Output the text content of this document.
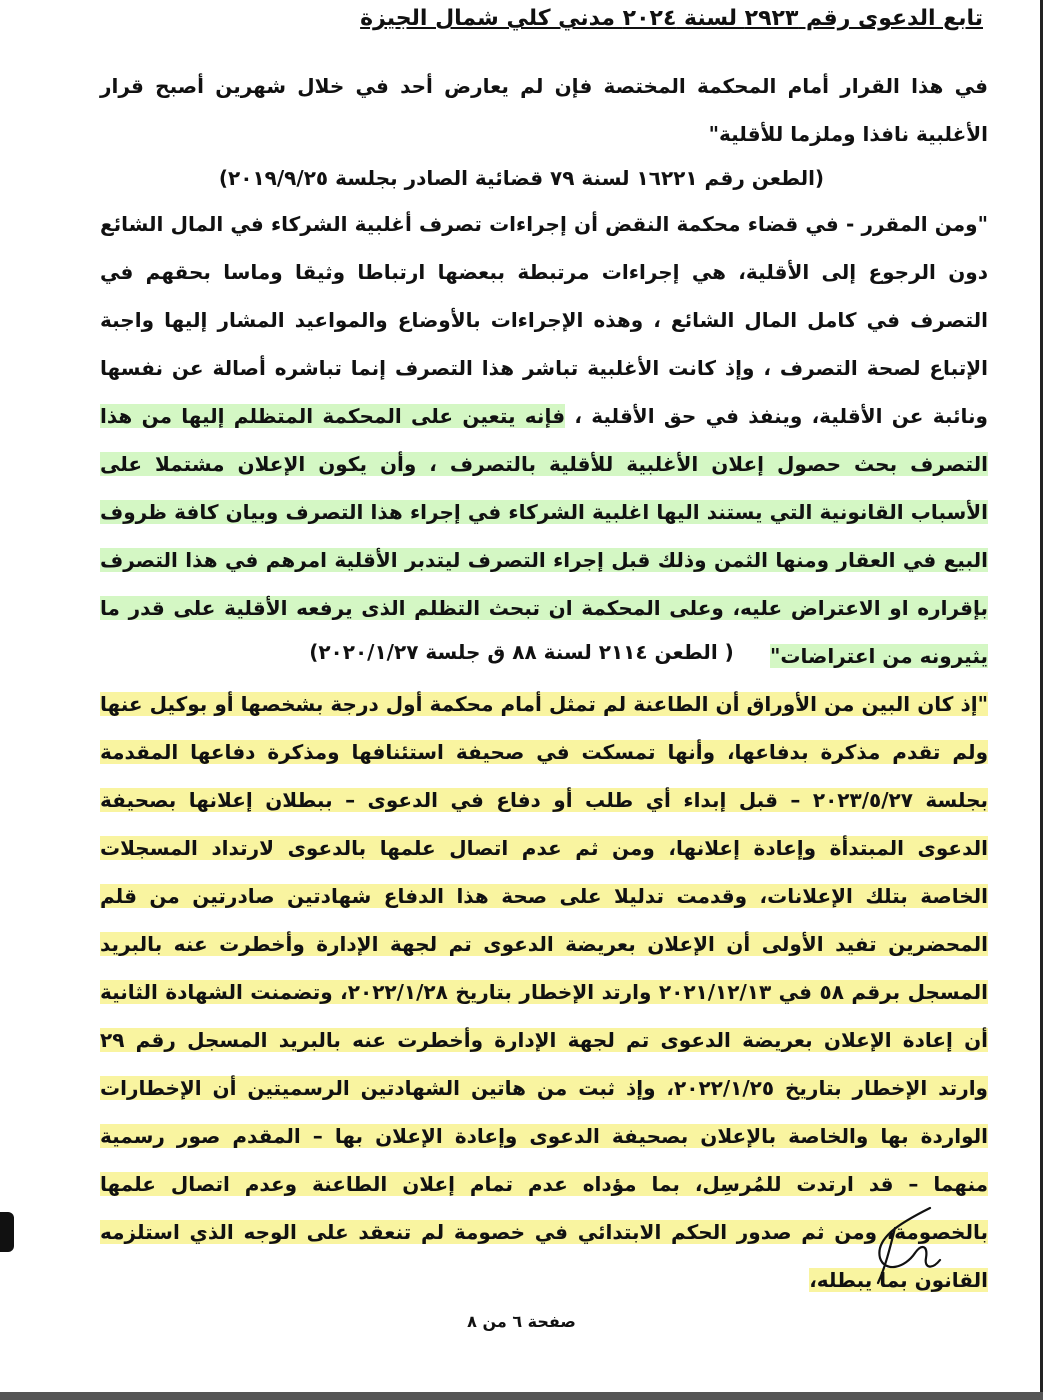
تابع الدعوى رقم ٢٩٢٣ لسنة ٢٠٢٤ مدني كلي شمال الجيزة
في هذا القرار أمام المحكمة المختصة فإن لم يعارض أحد في خلال شهرين أصبح قرار الأغلبية نافذا وملزما للأقلية"
(الطعن رقم ١٦٢٢١ لسنة ٧٩ قضائية الصادر بجلسة ٢٠١٩/٩/٢٥)
"ومن المقرر - في قضاء محكمة النقض أن إجراءات تصرف أغلبية الشركاء في المال الشائع دون الرجوع إلى الأقلية، هي إجراءات مرتبطة ببعضها ارتباطا وثيقا وماسا بحقهم في التصرف في كامل المال الشائع ، وهذه الإجراءات بالأوضاع والمواعيد المشار إليها واجبة الإتباع لصحة التصرف ، وإذ كانت الأغلبية تباشر هذا التصرف إنما تباشره أصالة عن نفسها ونائبة عن الأقلية، وينفذ في حق الأقلية ، فإنه يتعين على المحكمة المتظلم إليها من هذا التصرف بحث حصول إعلان الأغلبية للأقلية بالتصرف ، وأن يكون الإعلان مشتملا على الأسباب القانونية التي يستند اليها اغلبية الشركاء في إجراء هذا التصرف وبيان كافة ظروف البيع في العقار ومنها الثمن وذلك قبل إجراء التصرف ليتدبر الأقلية امرهم في هذا التصرف بإقراره او الاعتراض عليه، وعلى المحكمة ان تبحث التظلم الذى يرفعه الأقلية على قدر ما يثيرونه من اعتراضات"
( الطعن ٢١١٤ لسنة ٨٨ ق جلسة ٢٠٢٠/١/٢٧)
"إذ كان البين من الأوراق أن الطاعنة لم تمثل أمام محكمة أول درجة بشخصها أو بوكيل عنها ولم تقدم مذكرة بدفاعها، وأنها تمسكت في صحيفة استئنافها ومذكرة دفاعها المقدمة بجلسة ٢٠٢٣/٥/٢٧ – قبل إبداء أي طلب أو دفاع في الدعوى – ببطلان إعلانها بصحيفة الدعوى المبتدأة وإعادة إعلانها، ومن ثم عدم اتصال علمها بالدعوى لارتداد المسجلات الخاصة بتلك الإعلانات، وقدمت تدليلا على صحة هذا الدفاع شهادتين صادرتين من قلم المحضرين تفيد الأولى أن الإعلان بعريضة الدعوى تم لجهة الإدارة وأخطرت عنه بالبريد المسجل برقم ٥٨ في ٢٠٢١/١٢/١٣ وارتد الإخطار بتاريخ ٢٠٢٢/١/٢٨، وتضمنت الشهادة الثانية أن إعادة الإعلان بعريضة الدعوى تم لجهة الإدارة وأخطرت عنه بالبريد المسجل رقم ٢٩ وارتد الإخطار بتاريخ ٢٠٢٢/١/٢٥، وإذ ثبت من هاتين الشهادتين الرسميتين أن الإخطارات الواردة بها والخاصة بالإعلان بصحيفة الدعوى وإعادة الإعلان بها – المقدم صور رسمية منهما – قد ارتدت للمُرسِل، بما مؤداه عدم تمام إعلان الطاعنة وعدم اتصال علمها بالخصومة، ومن ثم صدور الحكم الابتدائي في خصومة لم تنعقد على الوجه الذي استلزمه القانون بما يبطله،
صفحة ٦ من ٨
